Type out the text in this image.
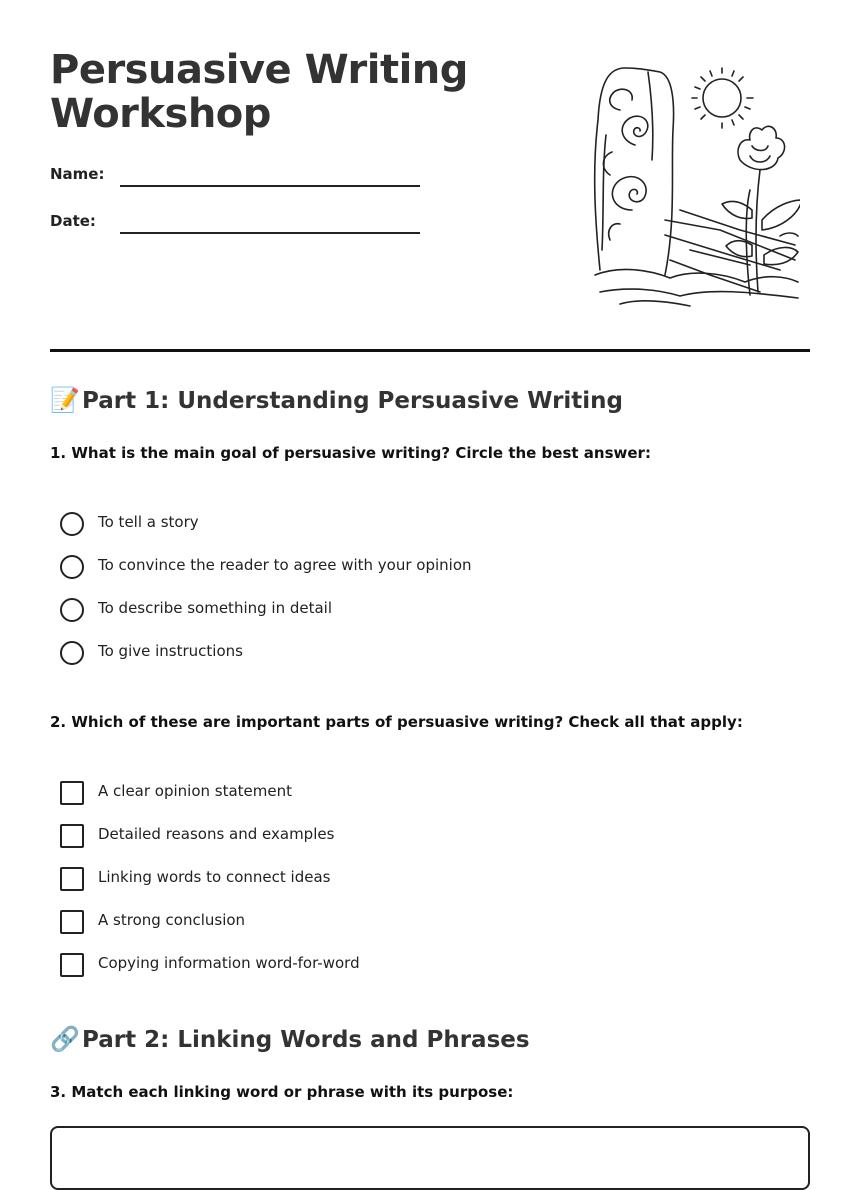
Persuasive Writing
Workshop
Name:
Date:
📝Part 1: Understanding Persuasive Writing

1. What is the main goal of persuasive writing? Circle the best answer:

To tell a story
To convince the reader to agree with your opinion
To describe something in detail
To give instructions

2. Which of these are important parts of persuasive writing? Check all that apply:

A clear opinion statement
Detailed reasons and examples
Linking words to connect ideas
A strong conclusion
Copying information word-for-word
🔗Part 2: Linking Words and Phrases

3. Match each linking word or phrase with its purpose:
